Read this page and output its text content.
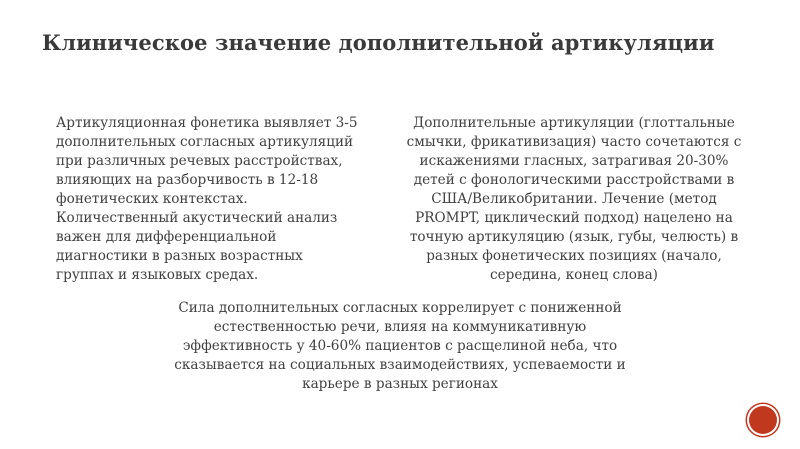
Клиническое значение дополнительной артикуляции

Артикуляционная фонетика выявляет 3-5
дополнительных согласных артикуляций
при различных речевых расстройствах,
влияющих на разборчивость в 12-18
фонетических контекстах.
Количественный акустический анализ
важен для дифференциальной
диагностики в разных возрастных
группах и языковых средах.

Дополнительные артикуляции (глоттальные
смычки, фрикативизация) часто сочетаются с
искажениями гласных, затрагивая 20-30%
детей с фонологическими расстройствами в
США/Великобритании. Лечение (метод
PROMPT, циклический подход) нацелено на
точную артикуляцию (язык, губы, челюсть) в
разных фонетических позициях (начало,
середина, конец слова)

Сила дополнительных согласных коррелирует с пониженной
естественностью речи, влияя на коммуникативную
эффективность у 40-60% пациентов с расщелиной неба, что
сказывается на социальных взаимодействиях, успеваемости и
карьере в разных регионах
